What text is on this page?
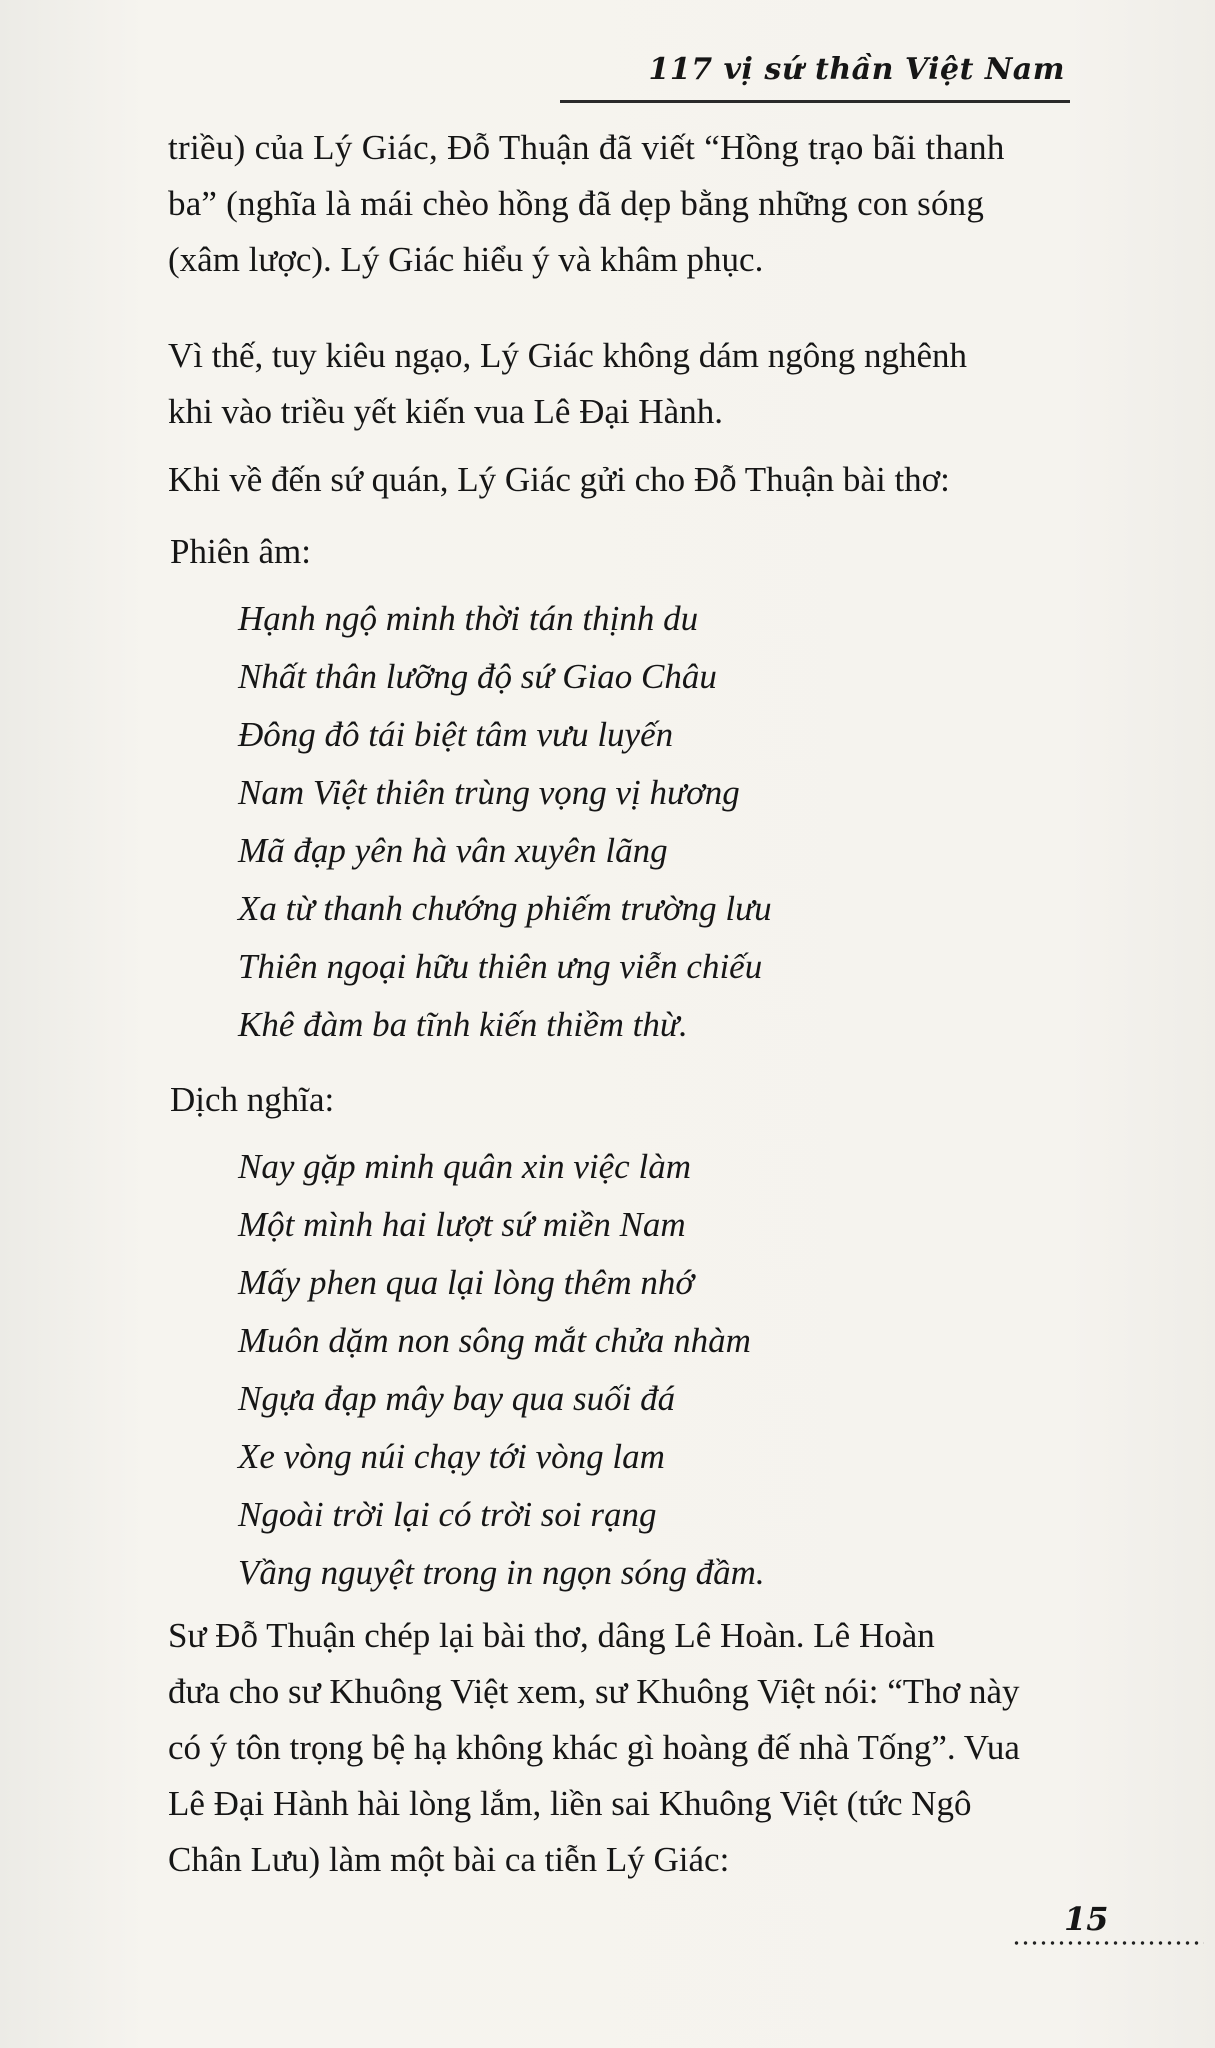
117 vị sứ thần Việt Nam
triều) của Lý Giác, Đỗ Thuận đã viết “Hồng trạo bãi thanh
ba” (nghĩa là mái chèo hồng đã dẹp bằng những con sóng
(xâm lược). Lý Giác hiểu ý và khâm phục.
Vì thế, tuy kiêu ngạo, Lý Giác không dám ngông nghênh
khi vào triều yết kiến vua Lê Đại Hành.
Khi về đến sứ quán, Lý Giác gửi cho Đỗ Thuận bài thơ:
Phiên âm:
Hạnh ngộ minh thời tán thịnh du
Nhất thân lưỡng độ sứ Giao Châu
Đông đô tái biệt tâm vưu luyến
Nam Việt thiên trùng vọng vị hương
Mã đạp yên hà vân xuyên lãng
Xa từ thanh chướng phiếm trường lưu
Thiên ngoại hữu thiên ưng viễn chiếu
Khê đàm ba tĩnh kiến thiềm thừ.
Dịch nghĩa:
Nay gặp minh quân xin việc làm
Một mình hai lượt sứ miền Nam
Mấy phen qua lại lòng thêm nhớ
Muôn dặm non sông mắt chửa nhàm
Ngựa đạp mây bay qua suối đá
Xe vòng núi chạy tới vòng lam
Ngoài trời lại có trời soi rạng
Vầng nguyệt trong in ngọn sóng đầm.
Sư Đỗ Thuận chép lại bài thơ, dâng Lê Hoàn. Lê Hoàn
đưa cho sư Khuông Việt xem, sư Khuông Việt nói: “Thơ này
có ý tôn trọng bệ hạ không khác gì hoàng đế nhà Tống”. Vua
Lê Đại Hành hài lòng lắm, liền sai Khuông Việt (tức Ngô
Chân Lưu) làm một bài ca tiễn Lý Giác:
15
